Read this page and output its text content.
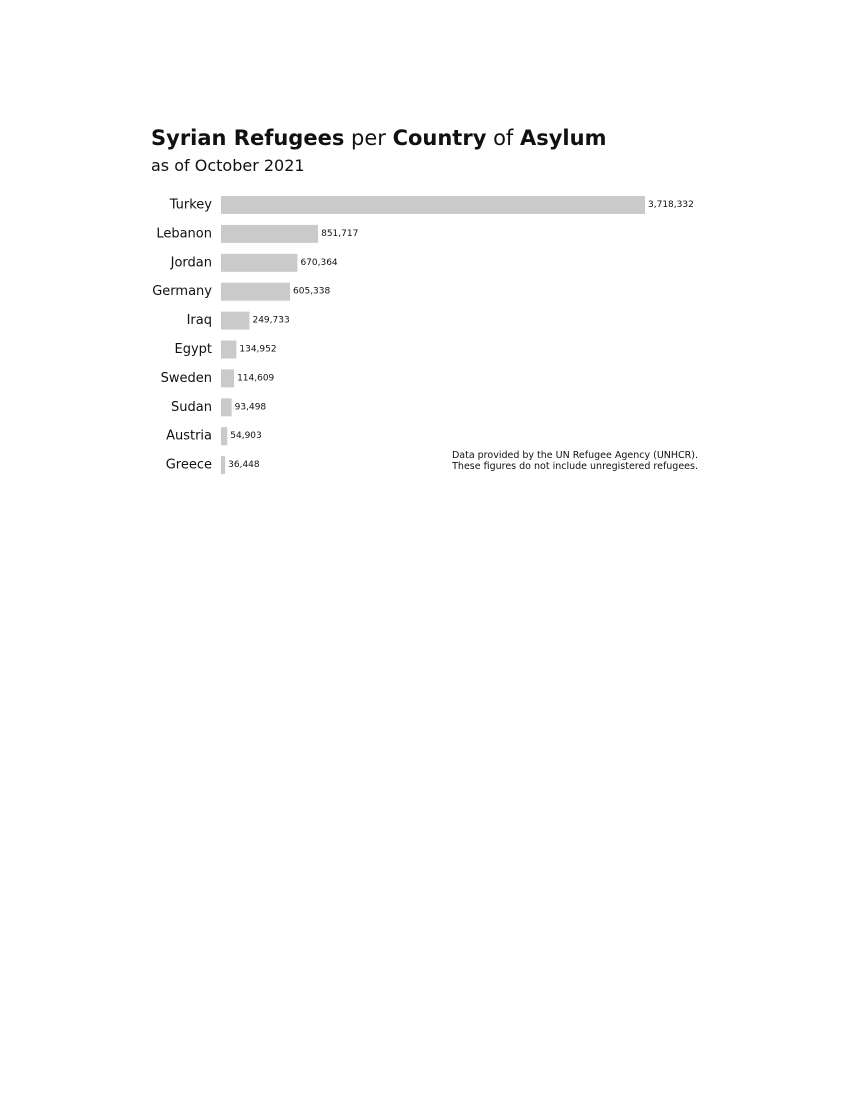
Syrian Refugees per Country of Asylum
as of October 2021
Turkey	3,718,332
Lebanon	851,717
Jordan	670,364
Germany	605,338
Iraq	249,733
Egypt	134,952
Sweden	114,609
Sudan	93,498
Austria 54,903
Greece 36,448
Data provided by the UN Refugee Agency (UNHCR).
These figures do not include unregistered refugees.
